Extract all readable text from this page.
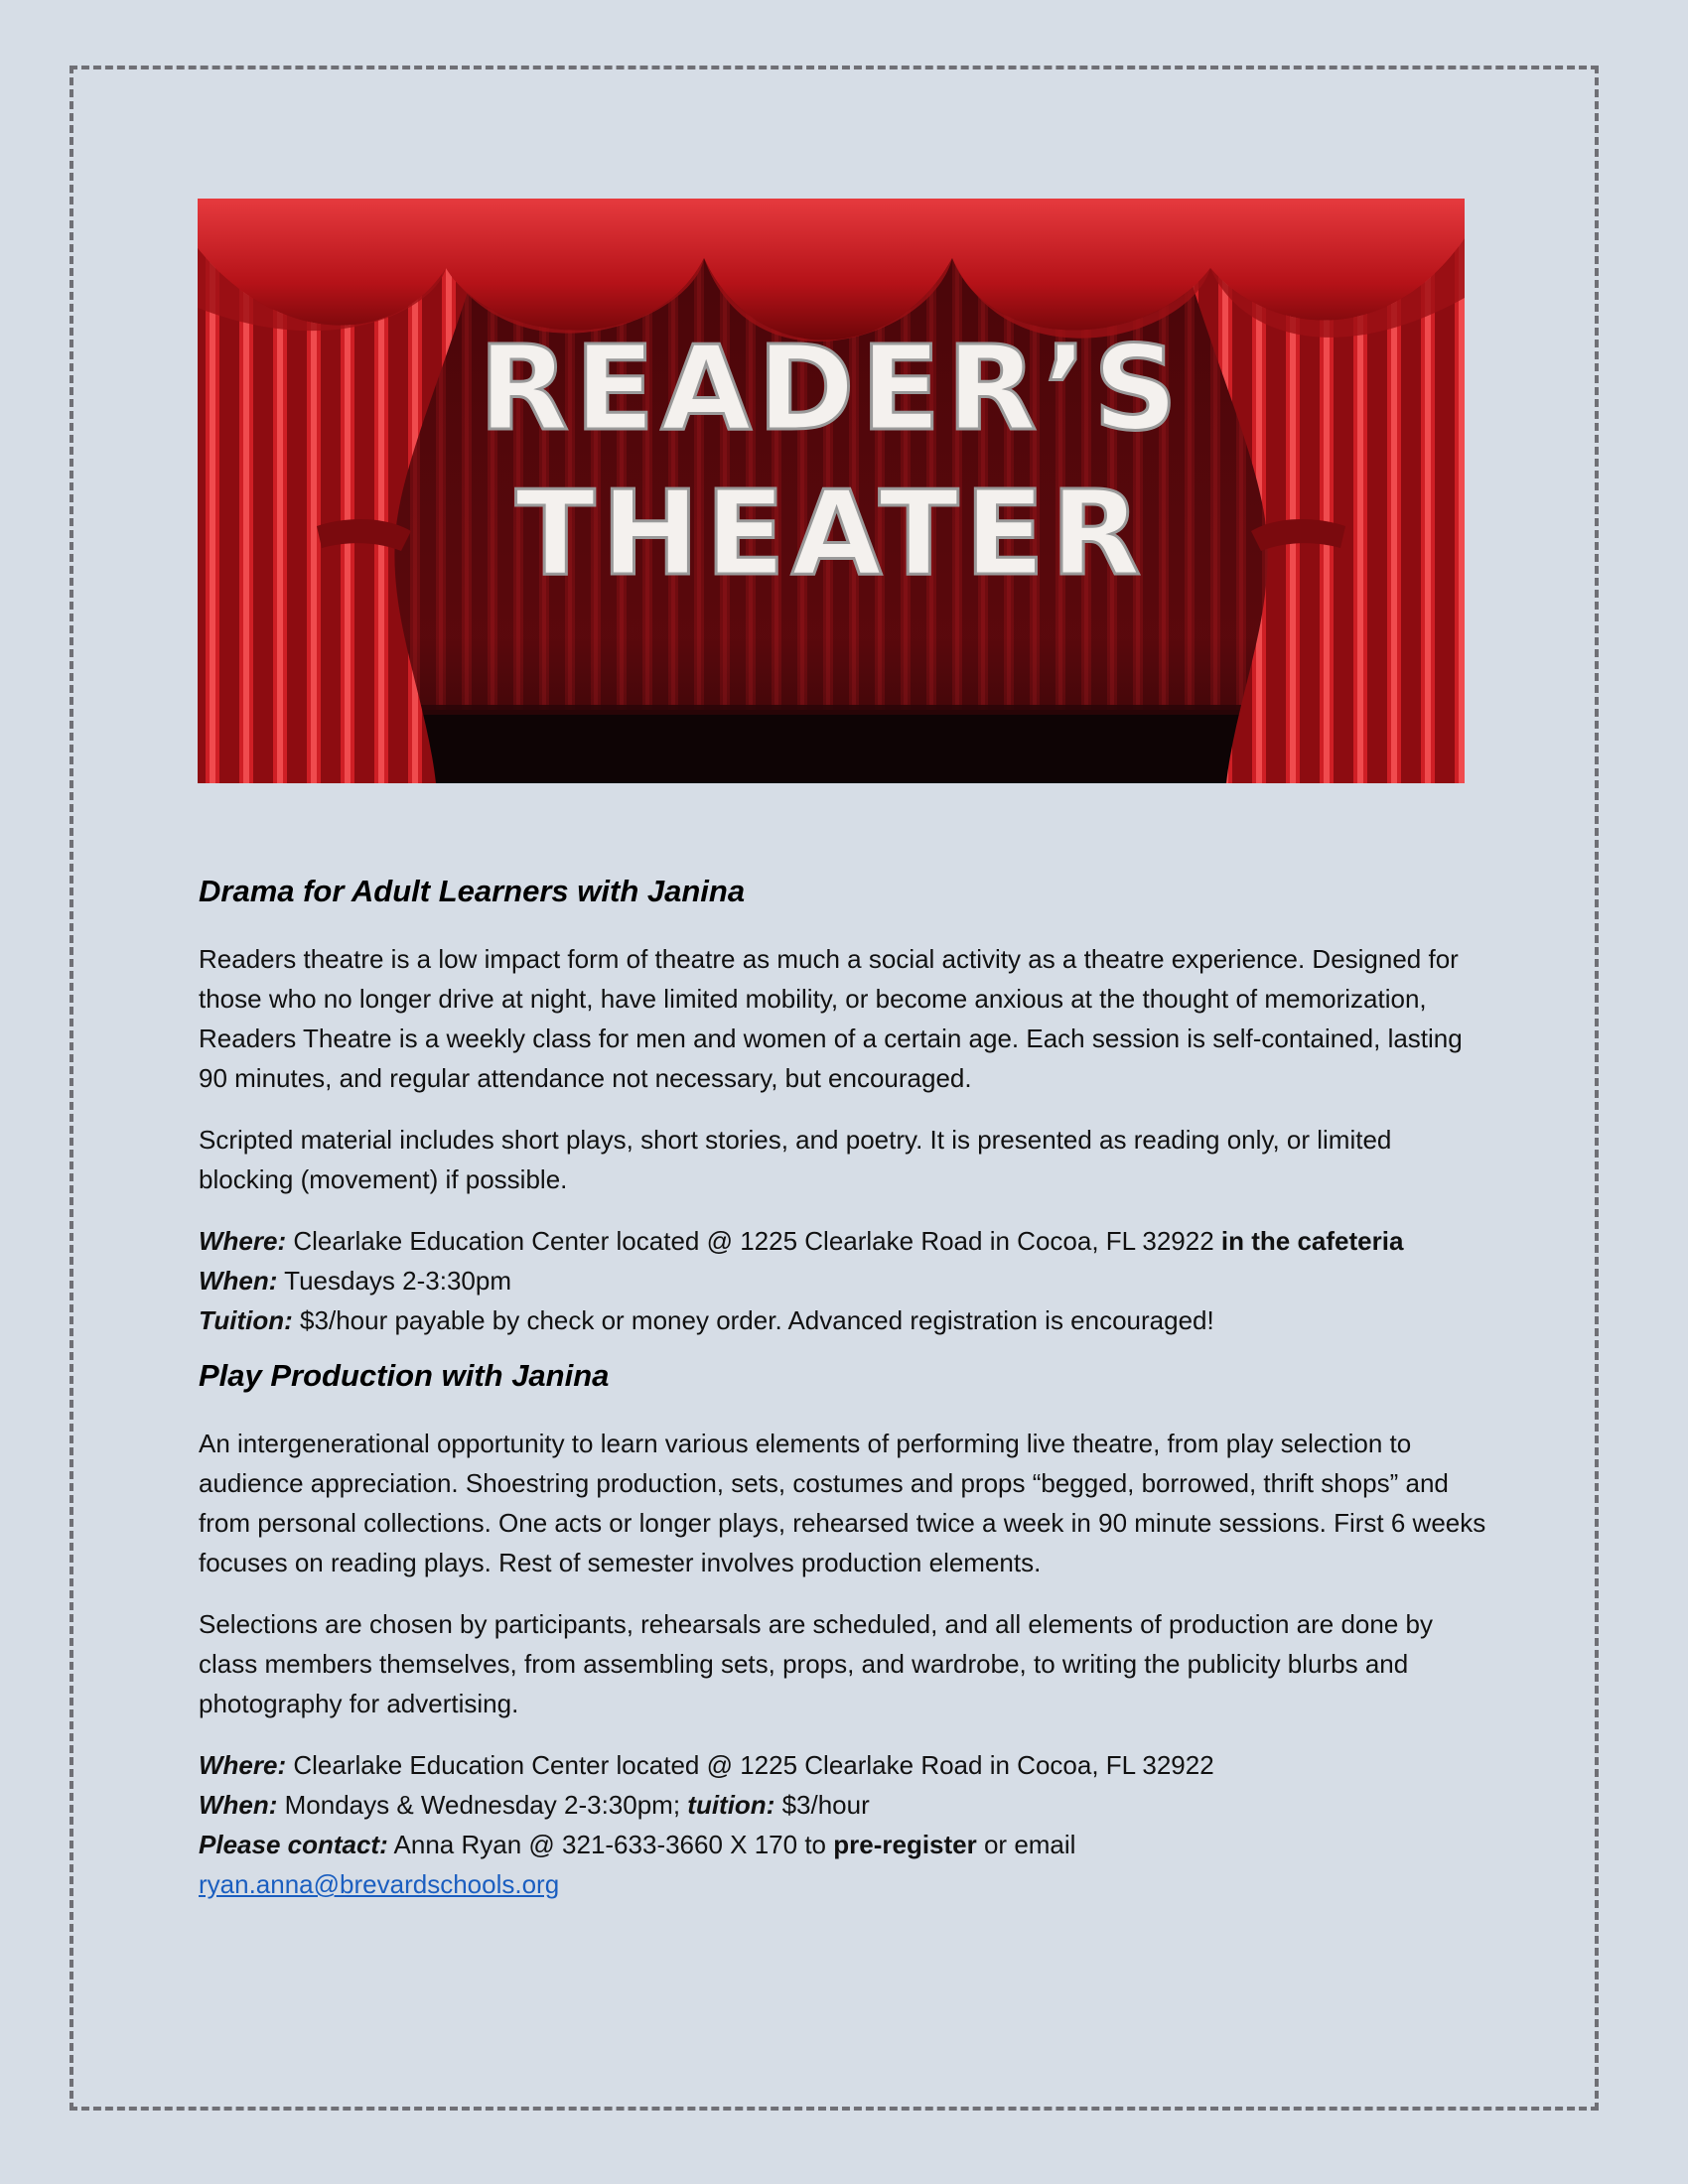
READER’S
THEATER
Drama for Adult Learners with Janina

Readers theatre is a low impact form of theatre as much a social activity as a theatre experience. Designed for those who no longer drive at night, have limited mobility, or become anxious at the thought of memorization, Readers Theatre is a weekly class for men and women of a certain age. Each session is self-contained, lasting 90 minutes, and regular attendance not necessary, but encouraged.

Scripted material includes short plays, short stories, and poetry. It is presented as reading only, or limited blocking (movement) if possible.

Where: Clearlake Education Center located @ 1225 Clearlake Road in Cocoa, FL 32922 in the cafeteria
When: Tuesdays 2-3:30pm
Tuition: $3/hour payable by check or money order. Advanced registration is encouraged!
Play Production with Janina

An intergenerational opportunity to learn various elements of performing live theatre, from play selection to audience appreciation. Shoestring production, sets, costumes and props “begged, borrowed, thrift shops” and from personal collections. One acts or longer plays, rehearsed twice a week in 90 minute sessions. First 6 weeks focuses on reading plays. Rest of semester involves production elements.

Selections are chosen by participants, rehearsals are scheduled, and all elements of production are done by class members themselves, from assembling sets, props, and wardrobe, to writing the publicity blurbs and photography for advertising.

Where: Clearlake Education Center located @ 1225 Clearlake Road in Cocoa, FL 32922
When: Mondays & Wednesday 2-3:30pm; tuition: $3/hour
Please contact: Anna Ryan @ 321-633-3660 X 170 to pre-register or email
ryan.anna@brevardschools.org
